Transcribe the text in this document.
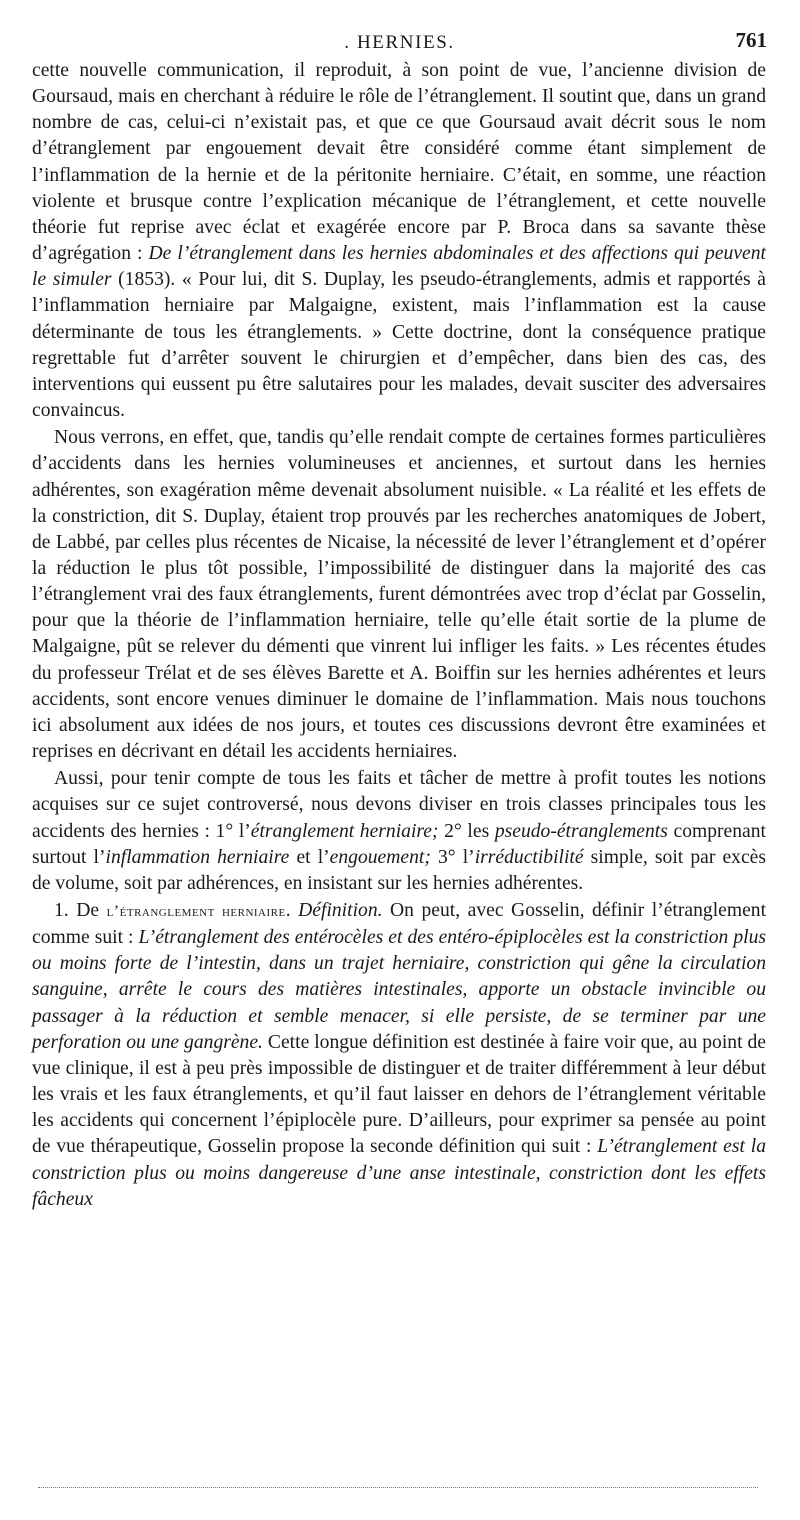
. HERNIES.	761

cette nouvelle communication, il reproduit, à son point de vue, l’ancienne division de Goursaud, mais en cherchant à réduire le rôle de l’étranglement. Il soutint que, dans un grand nombre de cas, celui-ci n’existait pas, et que ce que Goursaud avait décrit sous le nom d’étranglement par engouement devait être considéré comme étant simplement de l’inflammation de la hernie et de la péritonite herniaire. C’était, en somme, une réaction violente et brusque contre l’explication mécanique de l’étranglement, et cette nouvelle théorie fut reprise avec éclat et exagérée encore par P. Broca dans sa savante thèse d’agrégation : De l’étranglement dans les hernies abdominales et des affections qui peuvent le simuler (1853). « Pour lui, dit S. Duplay, les pseudo-étranglements, admis et rapportés à l’inflammation herniaire par Malgaigne, existent, mais l’inflammation est la cause déterminante de tous les étranglements. » Cette doctrine, dont la conséquence pratique regrettable fut d’arrêter souvent le chirurgien et d’empêcher, dans bien des cas, des interventions qui eussent pu être salutaires pour les malades, devait susciter des adversaires convaincus.

Nous verrons, en effet, que, tandis qu’elle rendait compte de certaines formes particulières d’accidents dans les hernies volumineuses et anciennes, et surtout dans les hernies adhérentes, son exagération même devenait absolument nuisible. « La réalité et les effets de la constriction, dit S. Duplay, étaient trop prouvés par les recherches anatomiques de Jobert, de Labbé, par celles plus récentes de Nicaise, la nécessité de lever l’étranglement et d’opérer la réduction le plus tôt possible, l’impossibilité de distinguer dans la majorité des cas l’étranglement vrai des faux étranglements, furent démontrées avec trop d’éclat par Gosselin, pour que la théorie de l’inflammation herniaire, telle qu’elle était sortie de la plume de Malgaigne, pût se relever du démenti que vinrent lui infliger les faits. » Les récentes études du professeur Trélat et de ses élèves Barette et A. Boiffin sur les hernies adhérentes et leurs accidents, sont encore venues diminuer le domaine de l’inflammation. Mais nous touchons ici absolument aux idées de nos jours, et toutes ces discussions devront être examinées et reprises en décrivant en détail les accidents herniaires.

Aussi, pour tenir compte de tous les faits et tâcher de mettre à profit toutes les notions acquises sur ce sujet controversé, nous devons diviser en trois classes principales tous les accidents des hernies : 1° l’étranglement herniaire; 2° les pseudo-étranglements comprenant surtout l’inflammation herniaire et l’engouement; 3° l’irréductibilité simple, soit par excès de volume, soit par adhérences, en insistant sur les hernies adhérentes.

1. De l’étranglement herniaire. Définition. On peut, avec Gosselin, définir l’étranglement comme suit : L’étranglement des entérocèles et des entéro-épiplocèles est la constriction plus ou moins forte de l’intestin, dans un trajet herniaire, constriction qui gêne la circulation sanguine, arrête le cours des matières intestinales, apporte un obstacle invincible ou passager à la réduction et semble menacer, si elle persiste, de se terminer par une perforation ou une gangrène. Cette longue définition est destinée à faire voir que, au point de vue clinique, il est à peu près impossible de distinguer et de traiter différemment à leur début les vrais et les faux étranglements, et qu’il faut laisser en dehors de l’étranglement véritable les accidents qui concernent l’épiplocèle pure. D’ailleurs, pour exprimer sa pensée au point de vue thérapeutique, Gosselin propose la seconde définition qui suit : L’étranglement est la constriction plus ou moins dangereuse d’une anse intestinale, constriction dont les effets fâcheux
